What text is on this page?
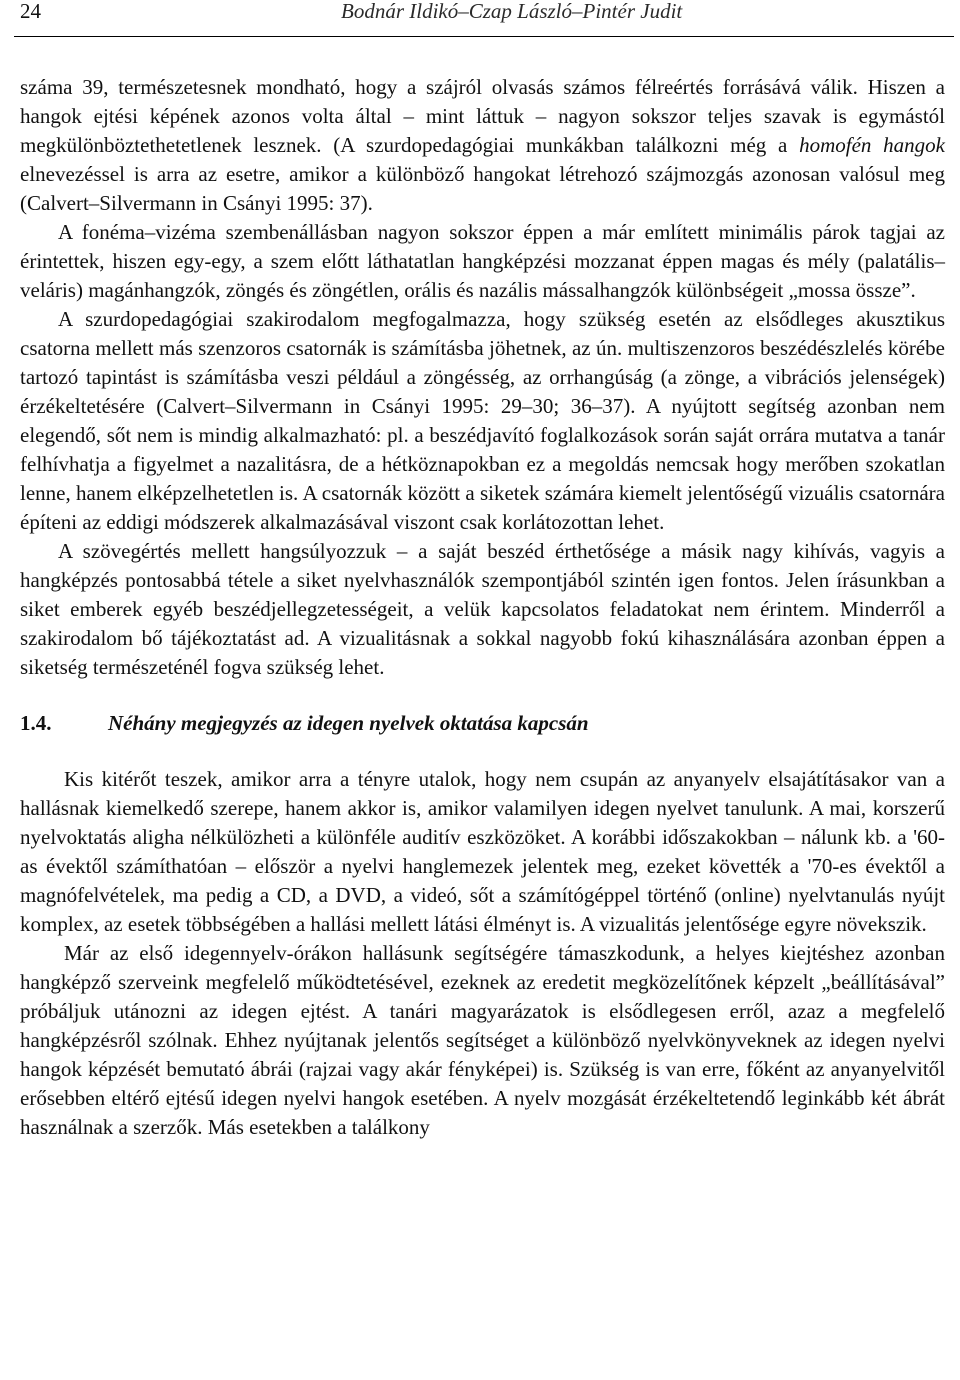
24	Bodnár Ildikó–Czap László–Pintér Judit

száma 39, természetesnek mondható, hogy a szájról olvasás számos félreértés forrásává válik. Hiszen a hangok ejtési képének azonos volta által – mint láttuk – nagyon sokszor teljes szavak is egymástól megkülönböztethetetlenek lesznek. (A szurdopedagógiai munkákban találkozni még a homofén hangok elnevezéssel is arra az esetre, amikor a különböző hangokat létrehozó szájmozgás azonosan valósul meg (Calvert–Silvermann in Csányi 1995: 37).

A fonéma–vizéma szembenállásban nagyon sokszor éppen a már említett minimális párok tagjai az érintettek, hiszen egy-egy, a szem előtt láthatatlan hangképzési mozzanat éppen magas és mély (palatális–veláris) magánhangzók, zöngés és zöngétlen, orális és nazális mássalhangzók különbségeit „mossa össze”.

A szurdopedagógiai szakirodalom megfogalmazza, hogy szükség esetén az elsődleges akusztikus csatorna mellett más szenzoros csatornák is számításba jöhetnek, az ún. multiszenzoros beszédészlelés körébe tartozó tapintást is számításba veszi például a zöngésség, az orrhangúság (a zönge, a vibrációs jelenségek) érzékeltetésére (Calvert–Silvermann in Csányi 1995: 29–30; 36–37). A nyújtott segítség azonban nem elegendő, sőt nem is mindig alkalmazható: pl. a beszédjavító foglalkozások során saját orrára mutatva a tanár felhívhatja a figyelmet a nazalitásra, de a hétköznapokban ez a megoldás nemcsak hogy merőben szokatlan lenne, hanem elképzelhetetlen is. A csatornák között a siketek számára kiemelt jelentőségű vizuális csatornára építeni az eddigi módszerek alkalmazásával viszont csak korlátozottan lehet.

A szövegértés mellett hangsúlyozzuk – a saját beszéd érthetősége a másik nagy kihívás, vagyis a hangképzés pontosabbá tétele a siket nyelvhasználók szempontjából szintén igen fontos. Jelen írásunkban a siket emberek egyéb beszédjellegzetességeit, a velük kapcsolatos feladatokat nem érintem. Minderről a szakirodalom bő tájékoztatást ad. A vizualitásnak a sokkal nagyobb fokú kihasználására azonban éppen a siketség természeténél fogva szükség lehet.

1.4.	Néhány megjegyzés az idegen nyelvek oktatása kapcsán

Kis kitérőt teszek, amikor arra a tényre utalok, hogy nem csupán az anyanyelv elsajátításakor van a hallásnak kiemelkedő szerepe, hanem akkor is, amikor valamilyen idegen nyelvet tanulunk. A mai, korszerű nyelvoktatás aligha nélkülözheti a különféle auditív eszközöket. A korábbi időszakokban – nálunk kb. a '60-as évektől számíthatóan – először a nyelvi hanglemezek jelentek meg, ezeket követték a '70-es évektől a magnófelvételek, ma pedig a CD, a DVD, a videó, sőt a számítógéppel történő (online) nyelvtanulás nyújt komplex, az esetek többségében a hallási mellett látási élményt is. A vizualitás jelentősége egyre növekszik.

Már az első idegennyelv-órákon hallásunk segítségére támaszkodunk, a helyes kiejtéshez azonban hangképző szerveink megfelelő működtetésével, ezeknek az eredetit megközelítőnek képzelt „beállításával” próbáljuk utánozni az idegen ejtést. A tanári magyarázatok is elsődlegesen erről, azaz a megfelelő hangképzésről szólnak. Ehhez nyújtanak jelentős segítséget a különböző nyelvkönyveknek az idegen nyelvi hangok képzését bemutató ábrái (rajzai vagy akár fényképei) is. Szükség is van erre, főként az anyanyelvitől erősebben eltérő ejtésű idegen nyelvi hangok esetében. A nyelv mozgását érzékeltetendő leginkább két ábrát használnak a szerzők. Más esetekben a találkony
